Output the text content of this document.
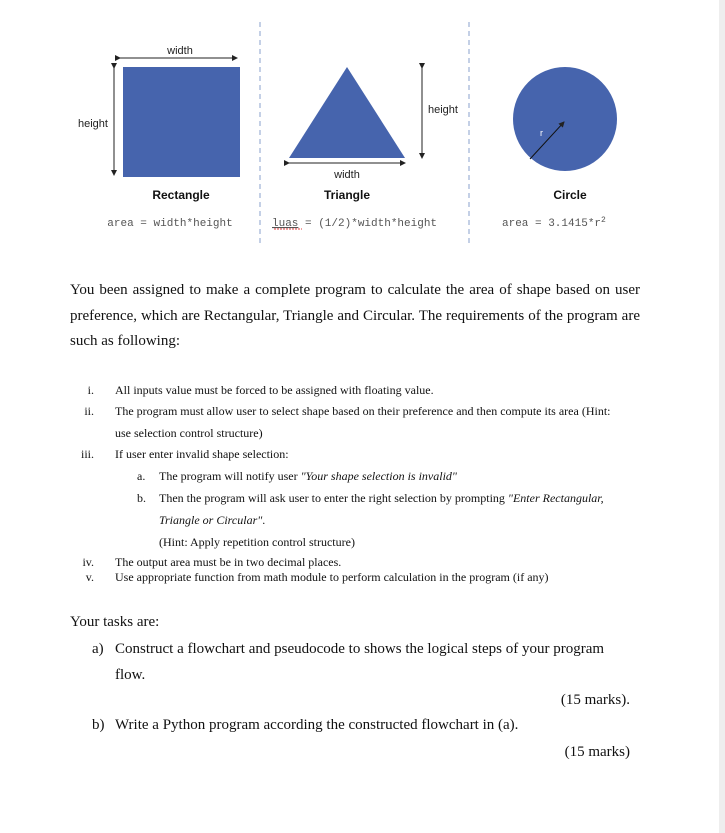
width
height
Rectangle
area = width*height
width
height
Triangle
luas = (1/2)*width*height
r
Circle
area = $3.1415*r^2$
You been assigned to make a complete program to calculate the area of shape based on user preference, which are Rectangular, Triangle and Circular. The requirements of the program are such as following:
i. All inputs value must be forced to be assigned with floating value.
ii. The program must allow user to select shape based on their preference and then compute its area (Hint:
use selection control structure)
iii. If user enter invalid shape selection:
a. The program will notify user "Your shape selection is invalid"
b. Then the program will ask user to enter the right selection by prompting "Enter Rectangular,
Triangle or Circular".
(Hint: Apply repetition control structure)
iv. The output area must be in two decimal places.
v. Use appropriate function from math module to perform calculation in the program (if any)
Your tasks are:
a) Construct a flowchart and pseudocode to shows the logical steps of your program
flow.
(15 marks).
b) Write a Python program according the constructed flowchart in (a).
(15 marks)
